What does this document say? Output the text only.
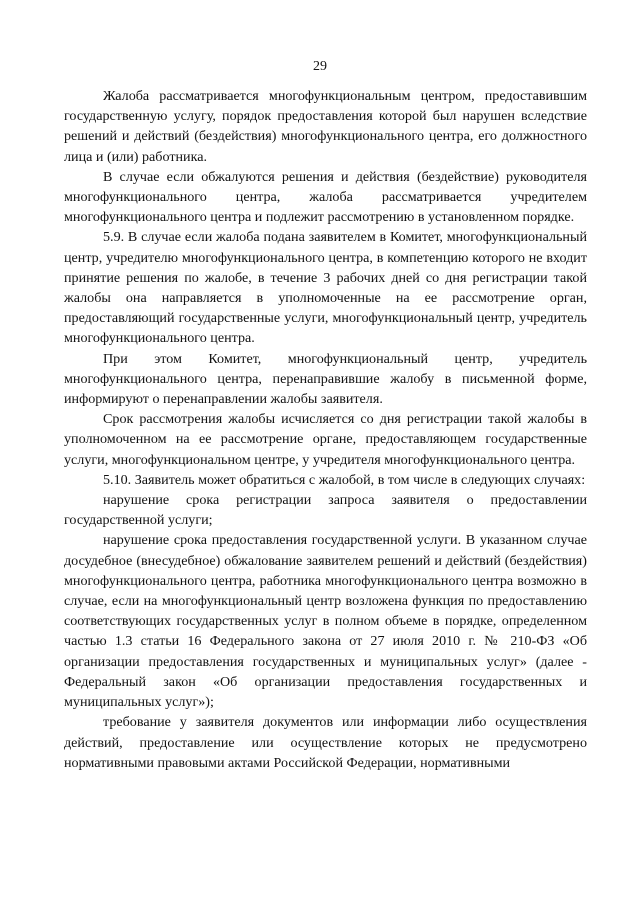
29

Жалоба рассматривается многофункциональным центром, предоставившим государственную услугу, порядок предоставления которой был нарушен вследствие решений и действий (бездействия) многофункционального центра, его должностного лица и (или) работника.

В случае если обжалуются решения и действия (бездействие) руководителя многофункционального центра, жалоба рассматривается учредителем многофункционального центра и подлежит рассмотрению в установленном порядке.

5.9. В случае если жалоба подана заявителем в Комитет, многофункциональный центр, учредителю многофункционального центра, в компетенцию которого не входит принятие решения по жалобе, в течение 3 рабочих дней со дня регистрации такой жалобы она направляется в уполномоченные на ее рассмотрение орган, предоставляющий государственные услуги, многофункциональный центр, учредитель многофункционального центра.

При этом Комитет, многофункциональный центр, учредитель многофункционального центра, перенаправившие жалобу в письменной форме, информируют о перенаправлении жалобы заявителя.

Срок рассмотрения жалобы исчисляется со дня регистрации такой жалобы в уполномоченном на ее рассмотрение органе, предоставляющем государственные услуги, многофункциональном центре, у учредителя многофункционального центра.

5.10. Заявитель может обратиться с жалобой, в том числе в следующих случаях:

нарушение срока регистрации запроса заявителя о предоставлении государственной услуги;

нарушение срока предоставления государственной услуги. В указанном случае досудебное (внесудебное) обжалование заявителем решений и действий (бездействия) многофункционального центра, работника многофункционального центра возможно в случае, если на многофункциональный центр возложена функция по предоставлению соответствующих государственных услуг в полном объеме в порядке, определенном частью 1.3 статьи 16 Федерального закона от 27 июля 2010 г. № 210-ФЗ «Об организации предоставления государственных и муниципальных услуг» (далее - Федеральный закон «Об организации предоставления государственных и муниципальных услуг»);

требование у заявителя документов или информации либо осуществления действий, предоставление или осуществление которых не предусмотрено нормативными правовыми актами Российской Федерации, нормативными
